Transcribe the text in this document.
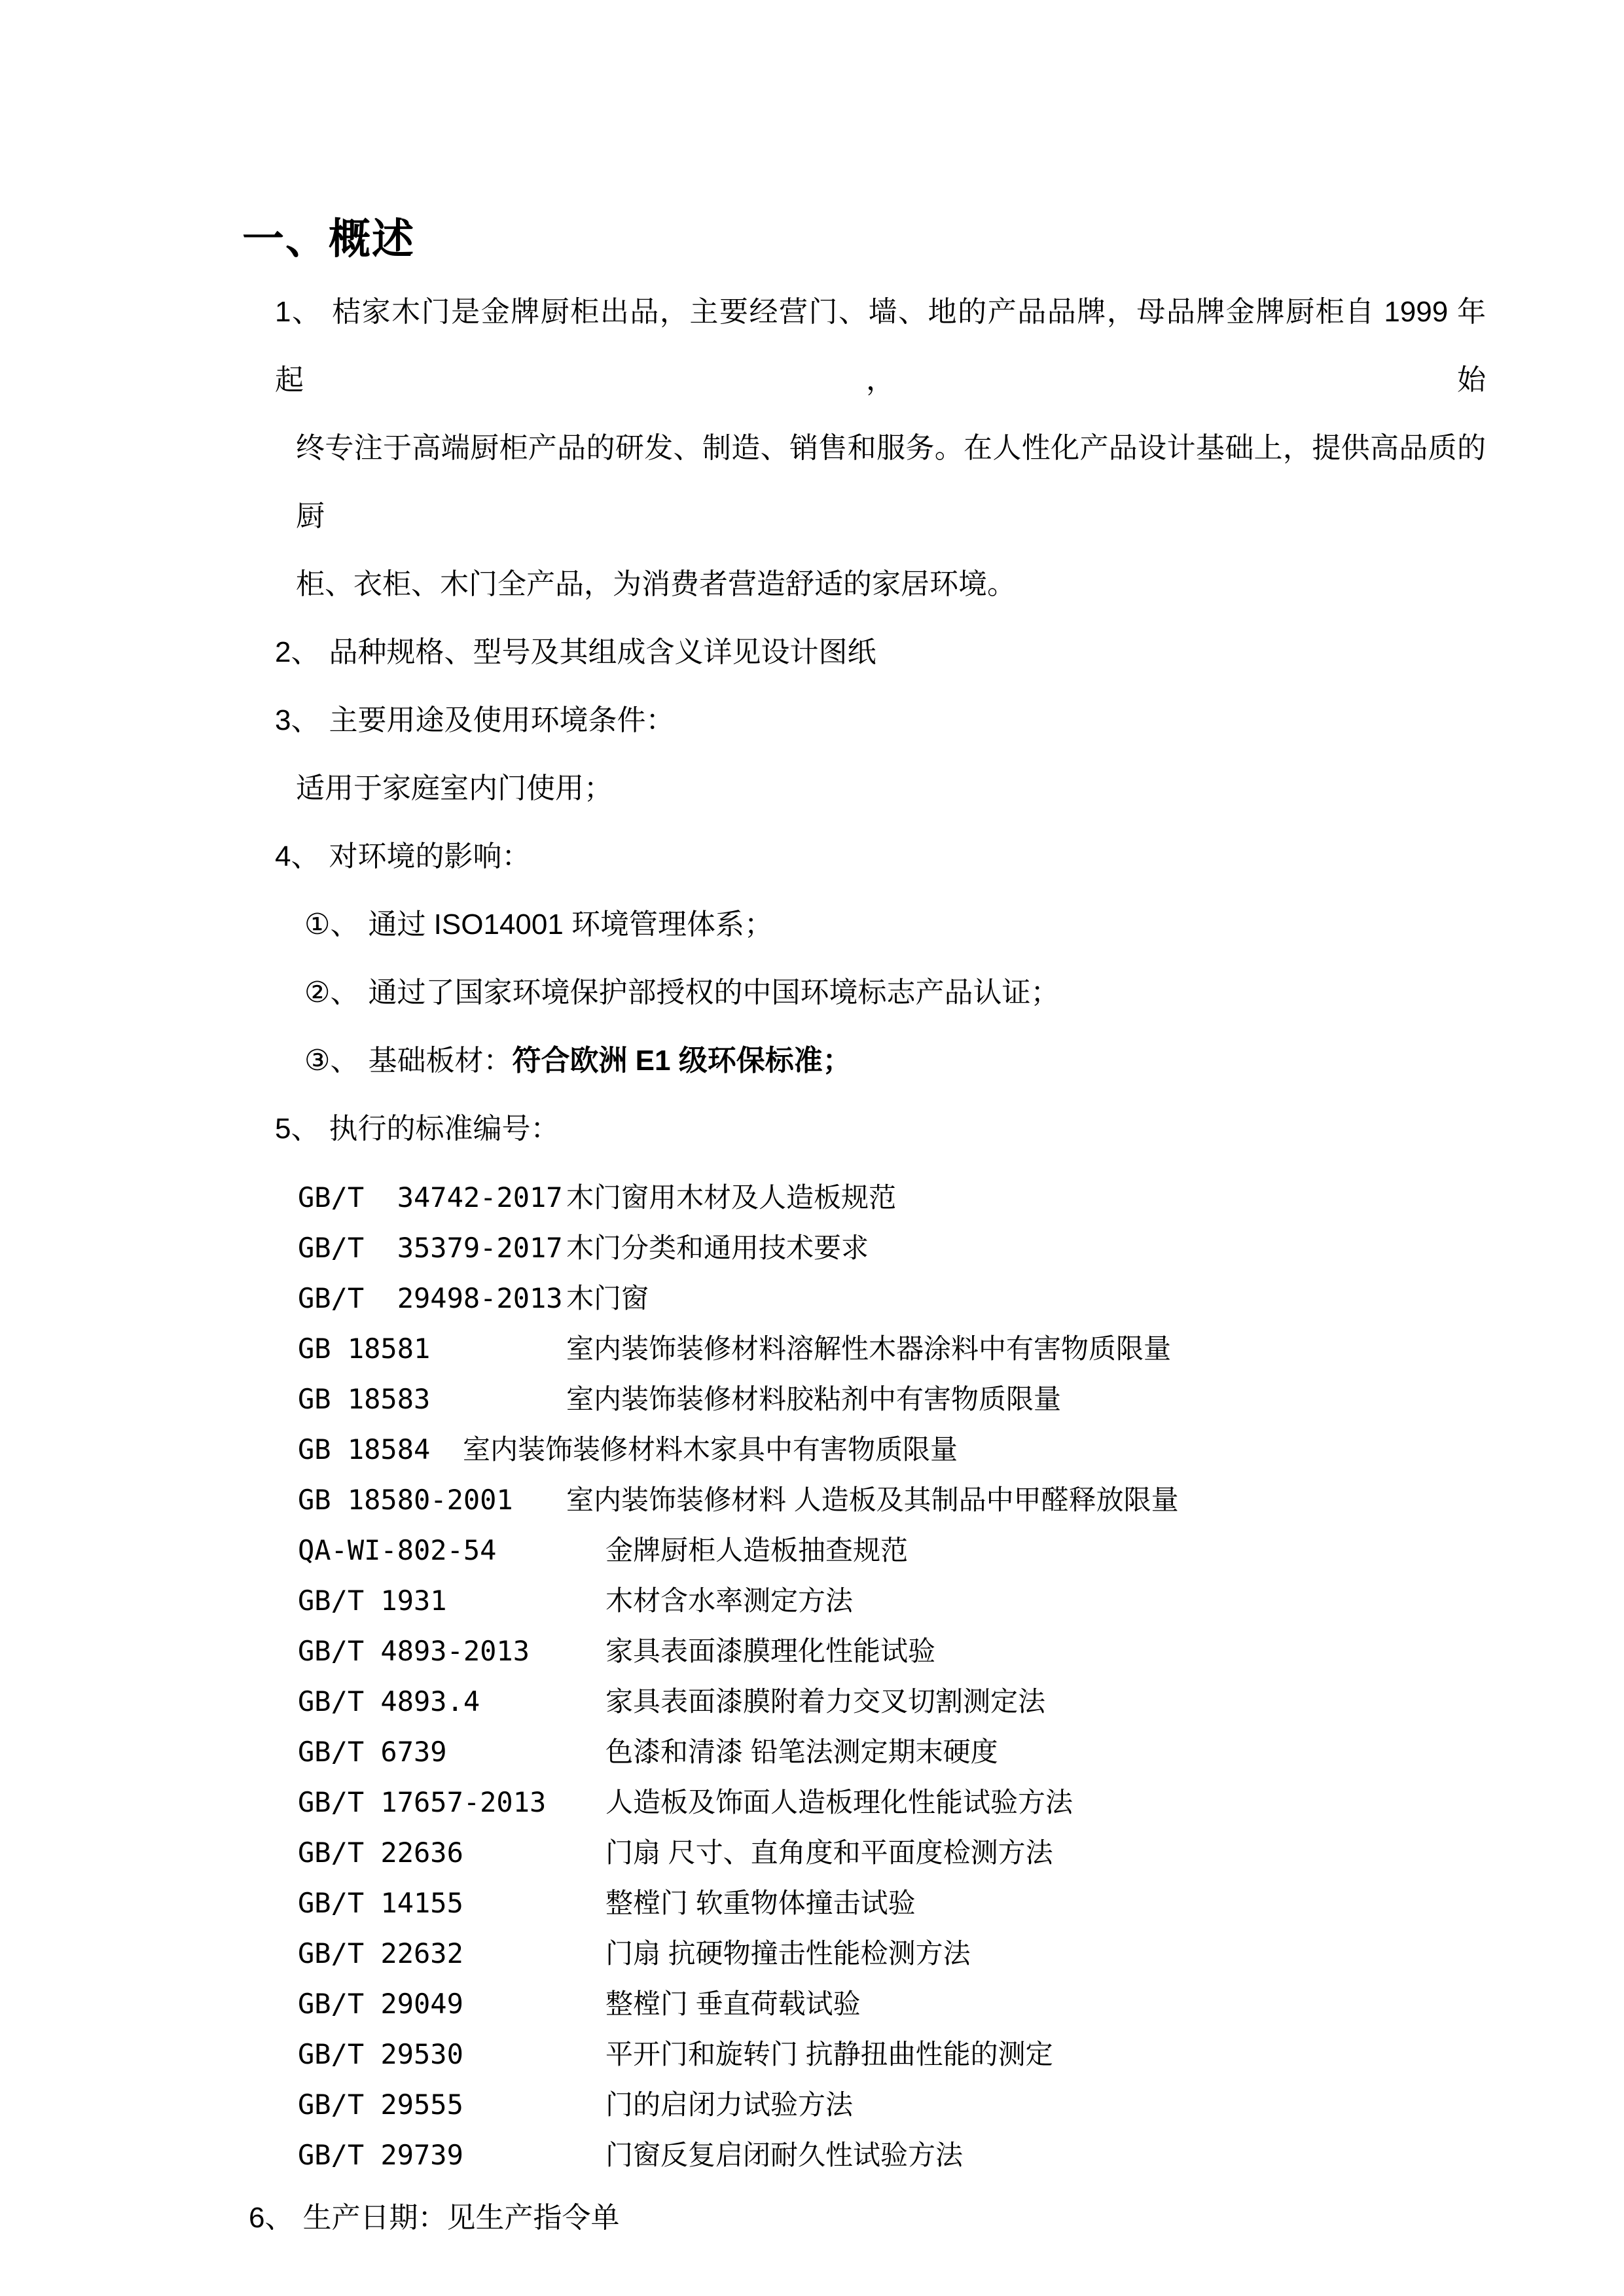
一、概述
1、 桔家木门是金牌厨柜出品，主要经营门、墙、地的产品品牌，母品牌金牌厨柜自 1999 年起，始
终专注于高端厨柜产品的研发、制造、销售和服务。在人性化产品设计基础上，提供高品质的厨
柜、衣柜、木门全产品，为消费者营造舒适的家居环境。
2、 品种规格、型号及其组成含义详见设计图纸
3、 主要用途及使用环境条件：
适用于家庭室内门使用；
4、 对环境的影响：
①、 通过 ISO14001 环境管理体系；
②、 通过了国家环境保护部授权的中国环境标志产品认证；
③、 基础板材：符合欧洲 E1 级环保标准；
5、 执行的标准编号：
GB/T  34742-2017 木门窗用木材及人造板规范
GB/T  35379-2017 木门分类和通用技术要求
GB/T  29498-2013 木门窗
GB 18581	室内装饰装修材料溶解性木器涂料中有害物质限量
GB 18583	室内装饰装修材料胶粘剂中有害物质限量
GB 18584	室内装饰装修材料木家具中有害物质限量
GB 18580-2001	室内装饰装修材料 人造板及其制品中甲醛释放限量
QA-WI-802-54	金牌厨柜人造板抽查规范
GB/T 1931	木材含水率测定方法
GB/T 4893-2013	家具表面漆膜理化性能试验
GB/T 4893.4	家具表面漆膜附着力交叉切割测定法
GB/T 6739	色漆和清漆 铅笔法测定期末硬度
GB/T 17657-2013	人造板及饰面人造板理化性能试验方法
GB/T 22636	门扇 尺寸、直角度和平面度检测方法
GB/T 14155	整樘门 软重物体撞击试验
GB/T 22632	门扇 抗硬物撞击性能检测方法
GB/T 29049	整樘门 垂直荷载试验
GB/T 29530	平开门和旋转门 抗静扭曲性能的测定
GB/T 29555	门的启闭力试验方法
GB/T 29739	门窗反复启闭耐久性试验方法
6、 生产日期：见生产指令单
